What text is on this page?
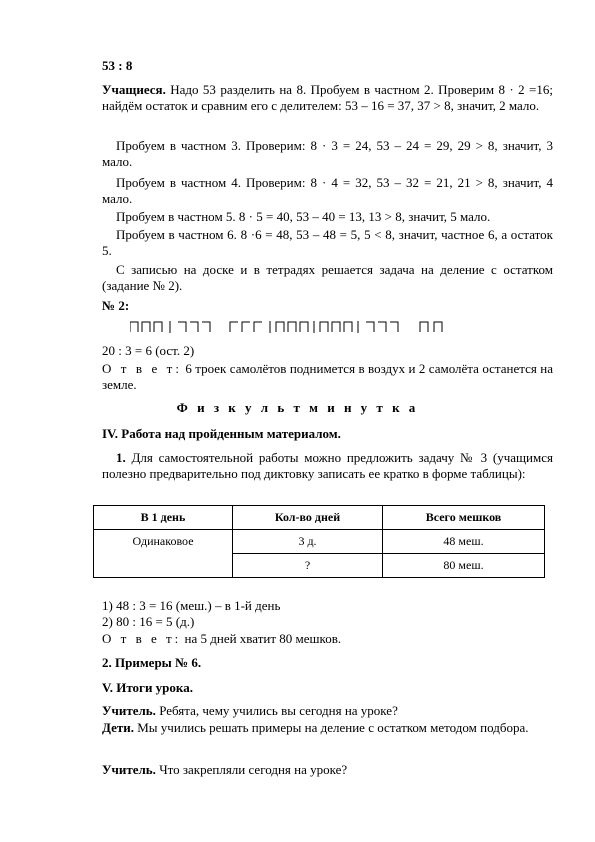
53 : 8
Учащиеся. Надо 53 разделить на 8. Пробуем в частном 2. Проверим 8 · 2 =16; найдём остаток и сравним его с делителем: 53 – 16 = 37, 37 > 8, значит, 2 мало.
Пробуем в частном 3. Проверим: 8 · 3 = 24, 53 – 24 = 29, 29 > 8, значит, 3 мало.
Пробуем в частном 4. Проверим: 8 · 4 = 32, 53 – 32 = 21, 21 > 8, значит, 4 мало.
Пробуем в частном 5. 8 · 5 = 40, 53 – 40 = 13, 13 > 8, значит, 5 мало.
Пробуем в частном 6. 8 ·6 = 48, 53 – 48 = 5, 5 < 8, значит, частное 6, а остаток 5.
С записью на доске и в тетрадях решается задача на деление с остатком (задание № 2).
№ 2:
20 : 3 = 6 (ост. 2)
О т в е т: 6 троек самолётов поднимется в воздух и 2 самолёта останется на земле.
Ф и з к у л ь т м и н у т к а
IV. Работа над пройденным материалом.
1. Для самостоятельной работы можно предложить задачу № 3 (учащимся полезно предварительно под диктовку записать ее кратко в форме таблицы):
В 1 день	Кол-во дней	Всего мешков
Одинаковое	3 д.	48 меш.
	?	80 меш.
1) 48 : 3 = 16 (меш.) – в 1-й день
2) 80 : 16 = 5 (д.)
О т в е т: на 5 дней хватит 80 мешков.
2. Примеры № 6.
V. Итоги урока.
Учитель. Ребята, чему учились вы сегодня на уроке?
Дети. Мы учились решать примеры на деление с остатком методом подбора.
Учитель. Что закрепляли сегодня на уроке?
